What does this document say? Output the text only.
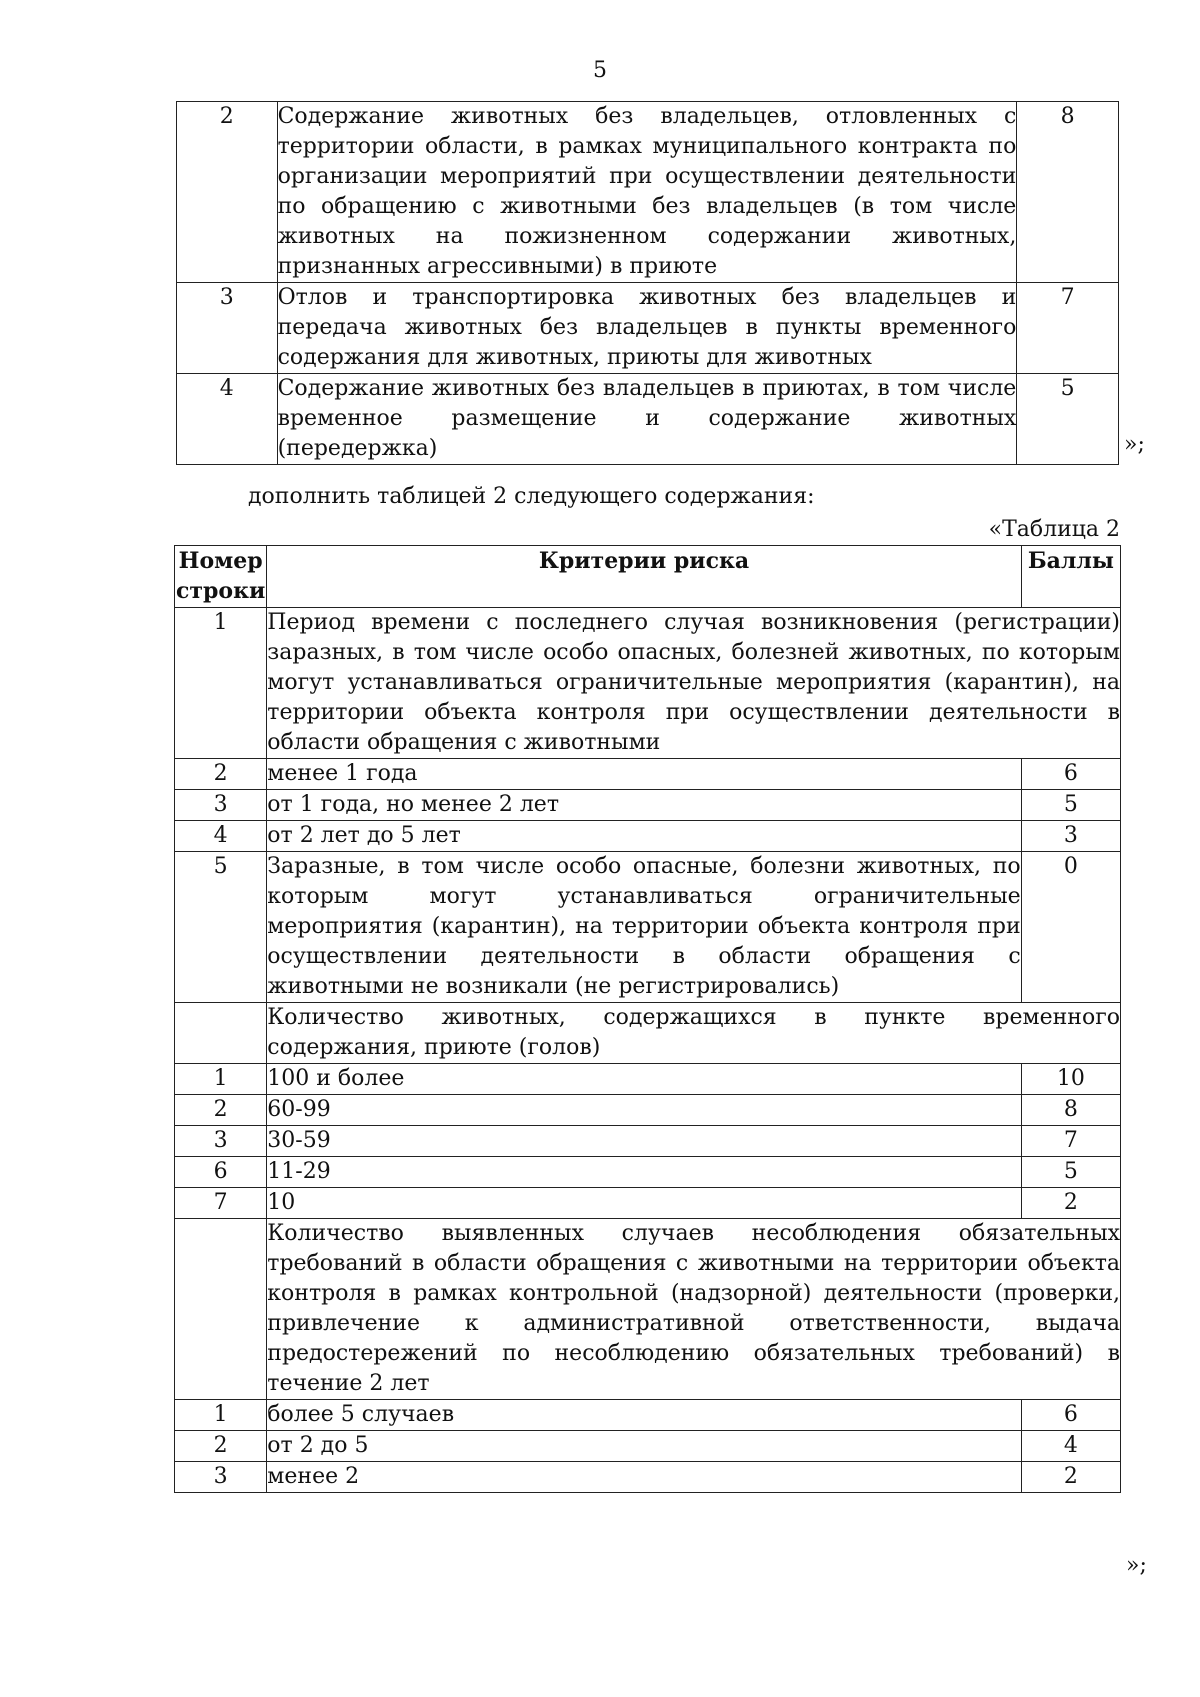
5
2	Содержание животных без владельцев, отловленных с территории области, в рамках муниципального контракта по организации мероприятий при осуществлении деятельности по обращению с животными без владельцев (в том числе животных на пожизненном содержании животных, признанных агрессивными) в приюте	8
3	Отлов и транспортировка животных без владельцев и передача животных без владельцев в пункты временного содержания для животных, приюты для животных	7
4	Содержание животных без владельцев в приютах, в том числе временное размещение и содержание животных (передержка)	5
»;
дополнить таблицей 2 следующего содержания:
«Таблица 2
Номер строки	Критерии риска	Баллы
1	Период времени с последнего случая возникновения (регистрации) заразных, в том числе особо опасных, болезней животных, по которым могут устанавливаться ограничительные мероприятия (карантин), на территории объекта контроля при осуществлении деятельности в области обращения с животными	
2	менее 1 года	6
3	от 1 года, но менее 2 лет	5
4	от 2 лет до 5 лет	3
5	Заразные, в том числе особо опасные, болезни животных, по которым могут устанавливаться ограничительные мероприятия (карантин), на территории объекта контроля при осуществлении деятельности в области обращения с животными не возникали (не регистрировались)	0
	Количество животных, содержащихся в пункте временного содержания, приюте (голов)	
1	100 и более	10
2	60-99	8
3	30-59	7
6	11-29	5
7	10	2
	Количество выявленных случаев несоблюдения обязательных требований в области обращения с животными на территории объекта контроля в рамках контрольной (надзорной) деятельности (проверки, привлечение к административной ответственности, выдача предостережений по несоблюдению обязательных требований) в течение 2 лет	
1	более 5 случаев	6
2	от 2 до 5	4
3	менее 2	2
»;
